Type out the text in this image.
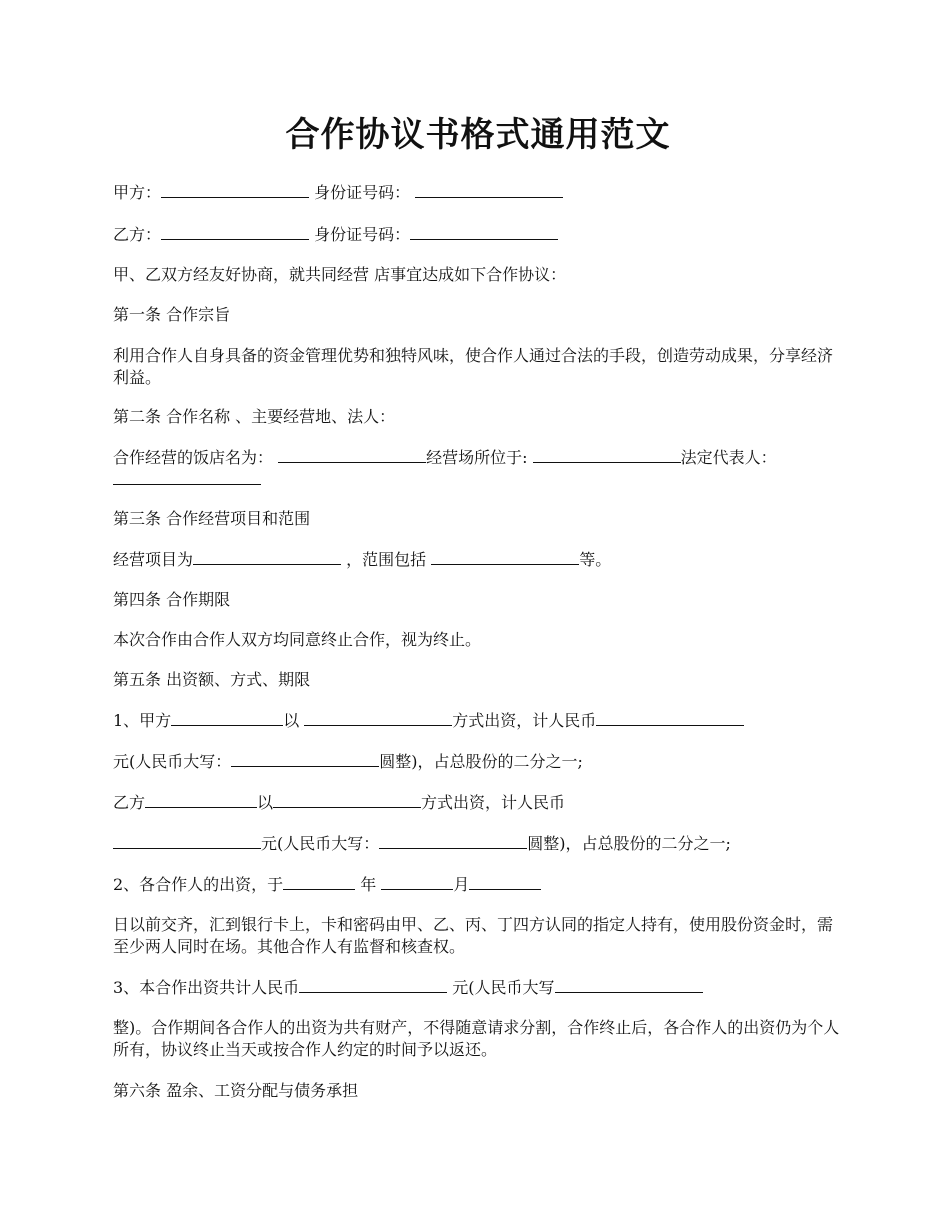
合作协议书格式通用范文

甲方：	身份证号码：

乙方：	身份证号码：

甲、乙双方经友好协商，就共同经营 店事宜达成如下合作协议：

第一条 合作宗旨

利用合作人自身具备的资金管理优势和独特风味，使合作人通过合法的手段，创造劳动成果，分享经济利益。

第二条 合作名称 、主要经营地、法人：

合作经营的饭店名为：	经营场所位于:	法定代表人：

第三条 合作经营项目和范围

经营项目为	，范围包括	等。

第四条 合作期限

本次合作由合作人双方均同意终止合作，视为终止。

第五条 出资额、方式、期限

1、甲方	以	方式出资，计人民币

元(人民币大写：	圆整)，占总股份的二分之一;

乙方	以	方式出资，计人民币

元(人民币大写：	圆整)，占总股份的二分之一;

2、各合作人的出资，于	年	月

日以前交齐，汇到银行卡上，卡和密码由甲、乙、丙、丁四方认同的指定人持有，使用股份资金时，需至少两人同时在场。其他合作人有监督和核查权。

3、本合作出资共计人民币	元(人民币大写

整)。合作期间各合作人的出资为共有财产，不得随意请求分割，合作终止后，各合作人的出资仍为个人所有，协议终止当天或按合作人约定的时间予以返还。

第六条 盈余、工资分配与债务承担
